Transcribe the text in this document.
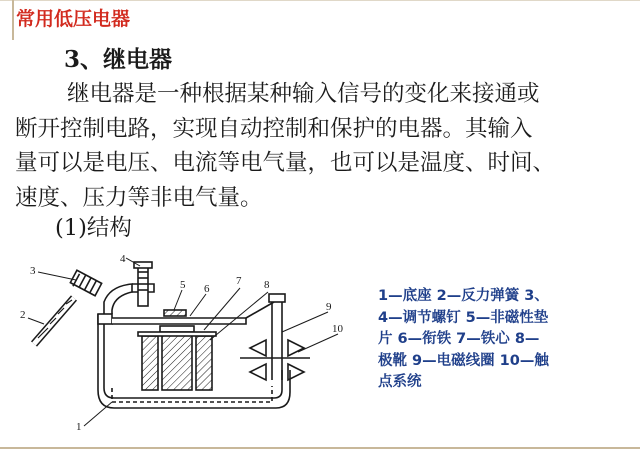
常用低压电器
3、继电器
继电器是一种根据某种输入信号的变化来接通或
断开控制电路，实现自动控制和保护的电器。其输入
量可以是电压、电流等电气量，也可以是温度、时间、
速度、压力等非电气量。
(1)结构
1
2
3
4
5 6
7 8
9
10
1—底座 2—反力弹簧 3、
4—调节螺钉 5—非磁性垫
片 6—衔铁 7—铁心 8—
极靴 9—电磁线圈 10—触
点系统
